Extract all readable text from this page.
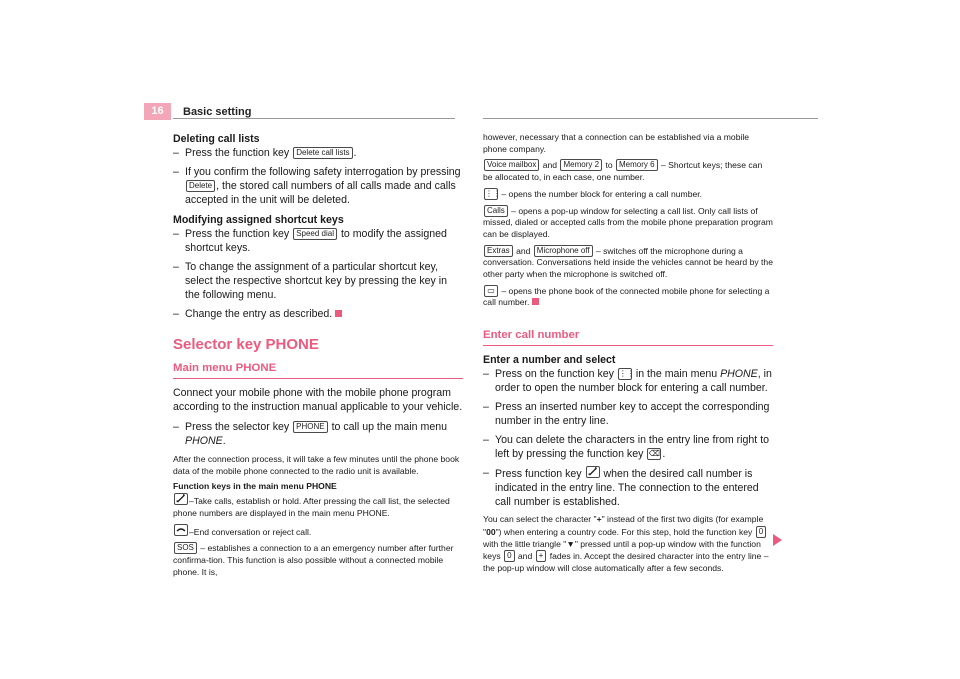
16	Basic setting

Deleting call lists

– Press the function key Delete call lists .

– If you confirm the following safety interrogation by pressing Delete , the stored call numbers of all calls made and calls accepted in the unit will be deleted.

Modifying assigned shortcut keys

– Press the function key Speed dial to modify the assigned shortcut keys.

– To change the assignment of a particular shortcut key, select the respective shortcut key by pressing the key in the following menu.

– Change the entry as described.

Selector key PHONE

Main menu PHONE

Connect your mobile phone with the mobile phone program according to the instruction manual applicable to your vehicle.

– Press the selector key PHONE to call up the main menu PHONE.

After the connection process, it will take a few minutes until the phone book data of the mobile phone connected to the radio unit is available.

Function keys in the main menu PHONE

–Take calls, establish or hold. After pressing the call list, the selected phone numbers are displayed in the main menu PHONE.

–End conversation or reject call.

SOS – establishes a connection to a an emergency number after further confirma-tion. This function is also possible without a connected mobile phone. It is,

however, necessary that a connection can be established via a mobile phone company.

Voice mailbox and Memory 2 to Memory 6 – Shortcut keys; these can be allocated to, in each case, one number.

⋮⋮ – opens the number block for entering a call number.

Calls – opens a pop-up window for selecting a call list. Only call lists of missed, dialed or accepted calls from the mobile phone preparation program can be displayed.

Extras and Microphone off – switches off the microphone during a conversation. Conversations held inside the vehicles cannot be heard by the other party when the microphone is switched off.

▭ – opens the phone book of the connected mobile phone for selecting a call number.

Enter call number

Enter a number and select

– Press on the function key ⋮⋮ in the main menu PHONE, in order to open the number block for entering a call number.

– Press an inserted number key to accept the corresponding number in the entry line.

– You can delete the characters in the entry line from right to left by pressing the function key ⌫ .

– Press function key when the desired call number is indicated in the entry line. The connection to the entered call number is established.

You can select the character "+" instead of the first two digits (for example "00") when entering a country code. For this step, hold the function key 0 with the little triangle "▼" pressed until a pop-up window with the function keys 0 and + fades in. Accept the desired character into the entry line – the pop-up window will close automatically after a few seconds.
